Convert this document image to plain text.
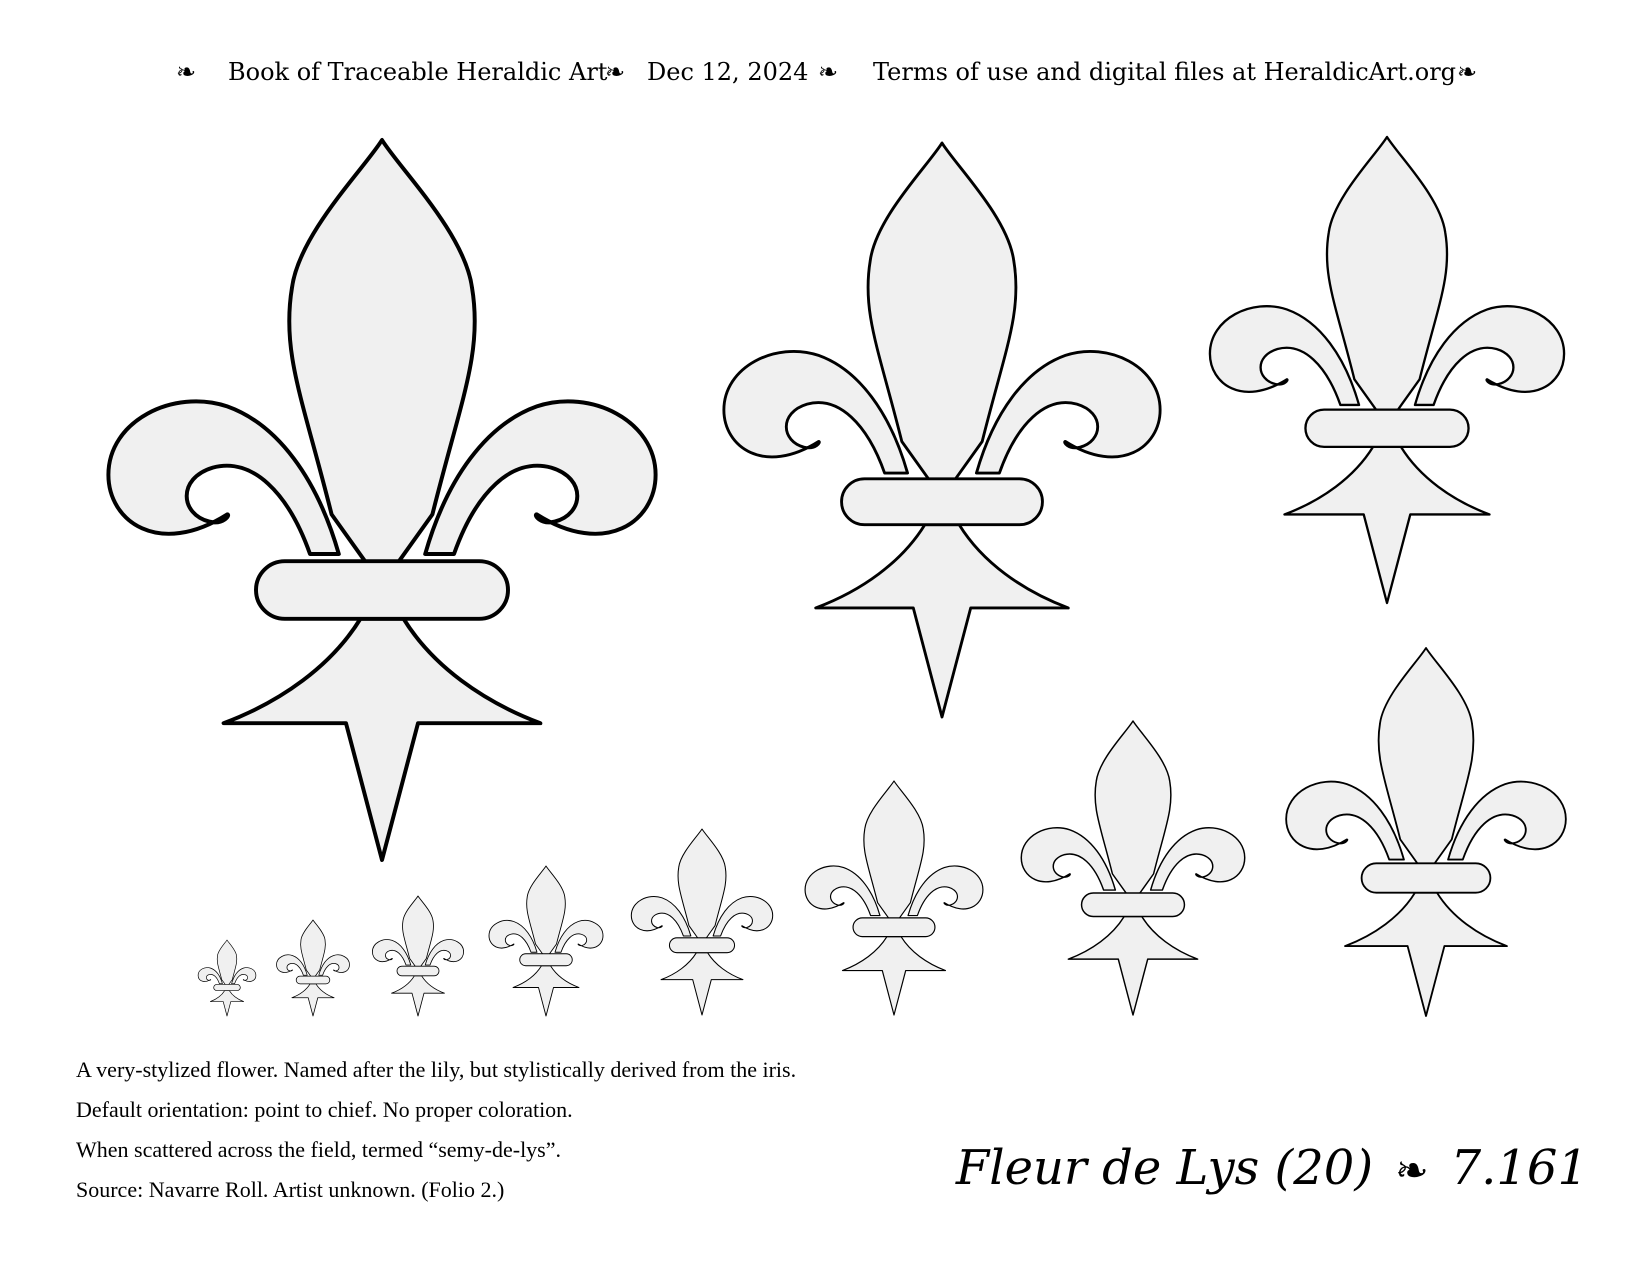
❧ Book of Traceable Heraldic Art
❧ Dec 12, 2024 ❧ Terms of use and digital files at HeraldicArt.org ❧
A very-stylized flower. Named after the lily, but stylistically derived from the iris.
Default orientation: point to chief. No proper coloration.
When scattered across the field, termed “semy-de-lys”.
Source: Navarre Roll. Artist unknown. (Folio 2.)	Fleur de Lys (20) ❧ 7.161
